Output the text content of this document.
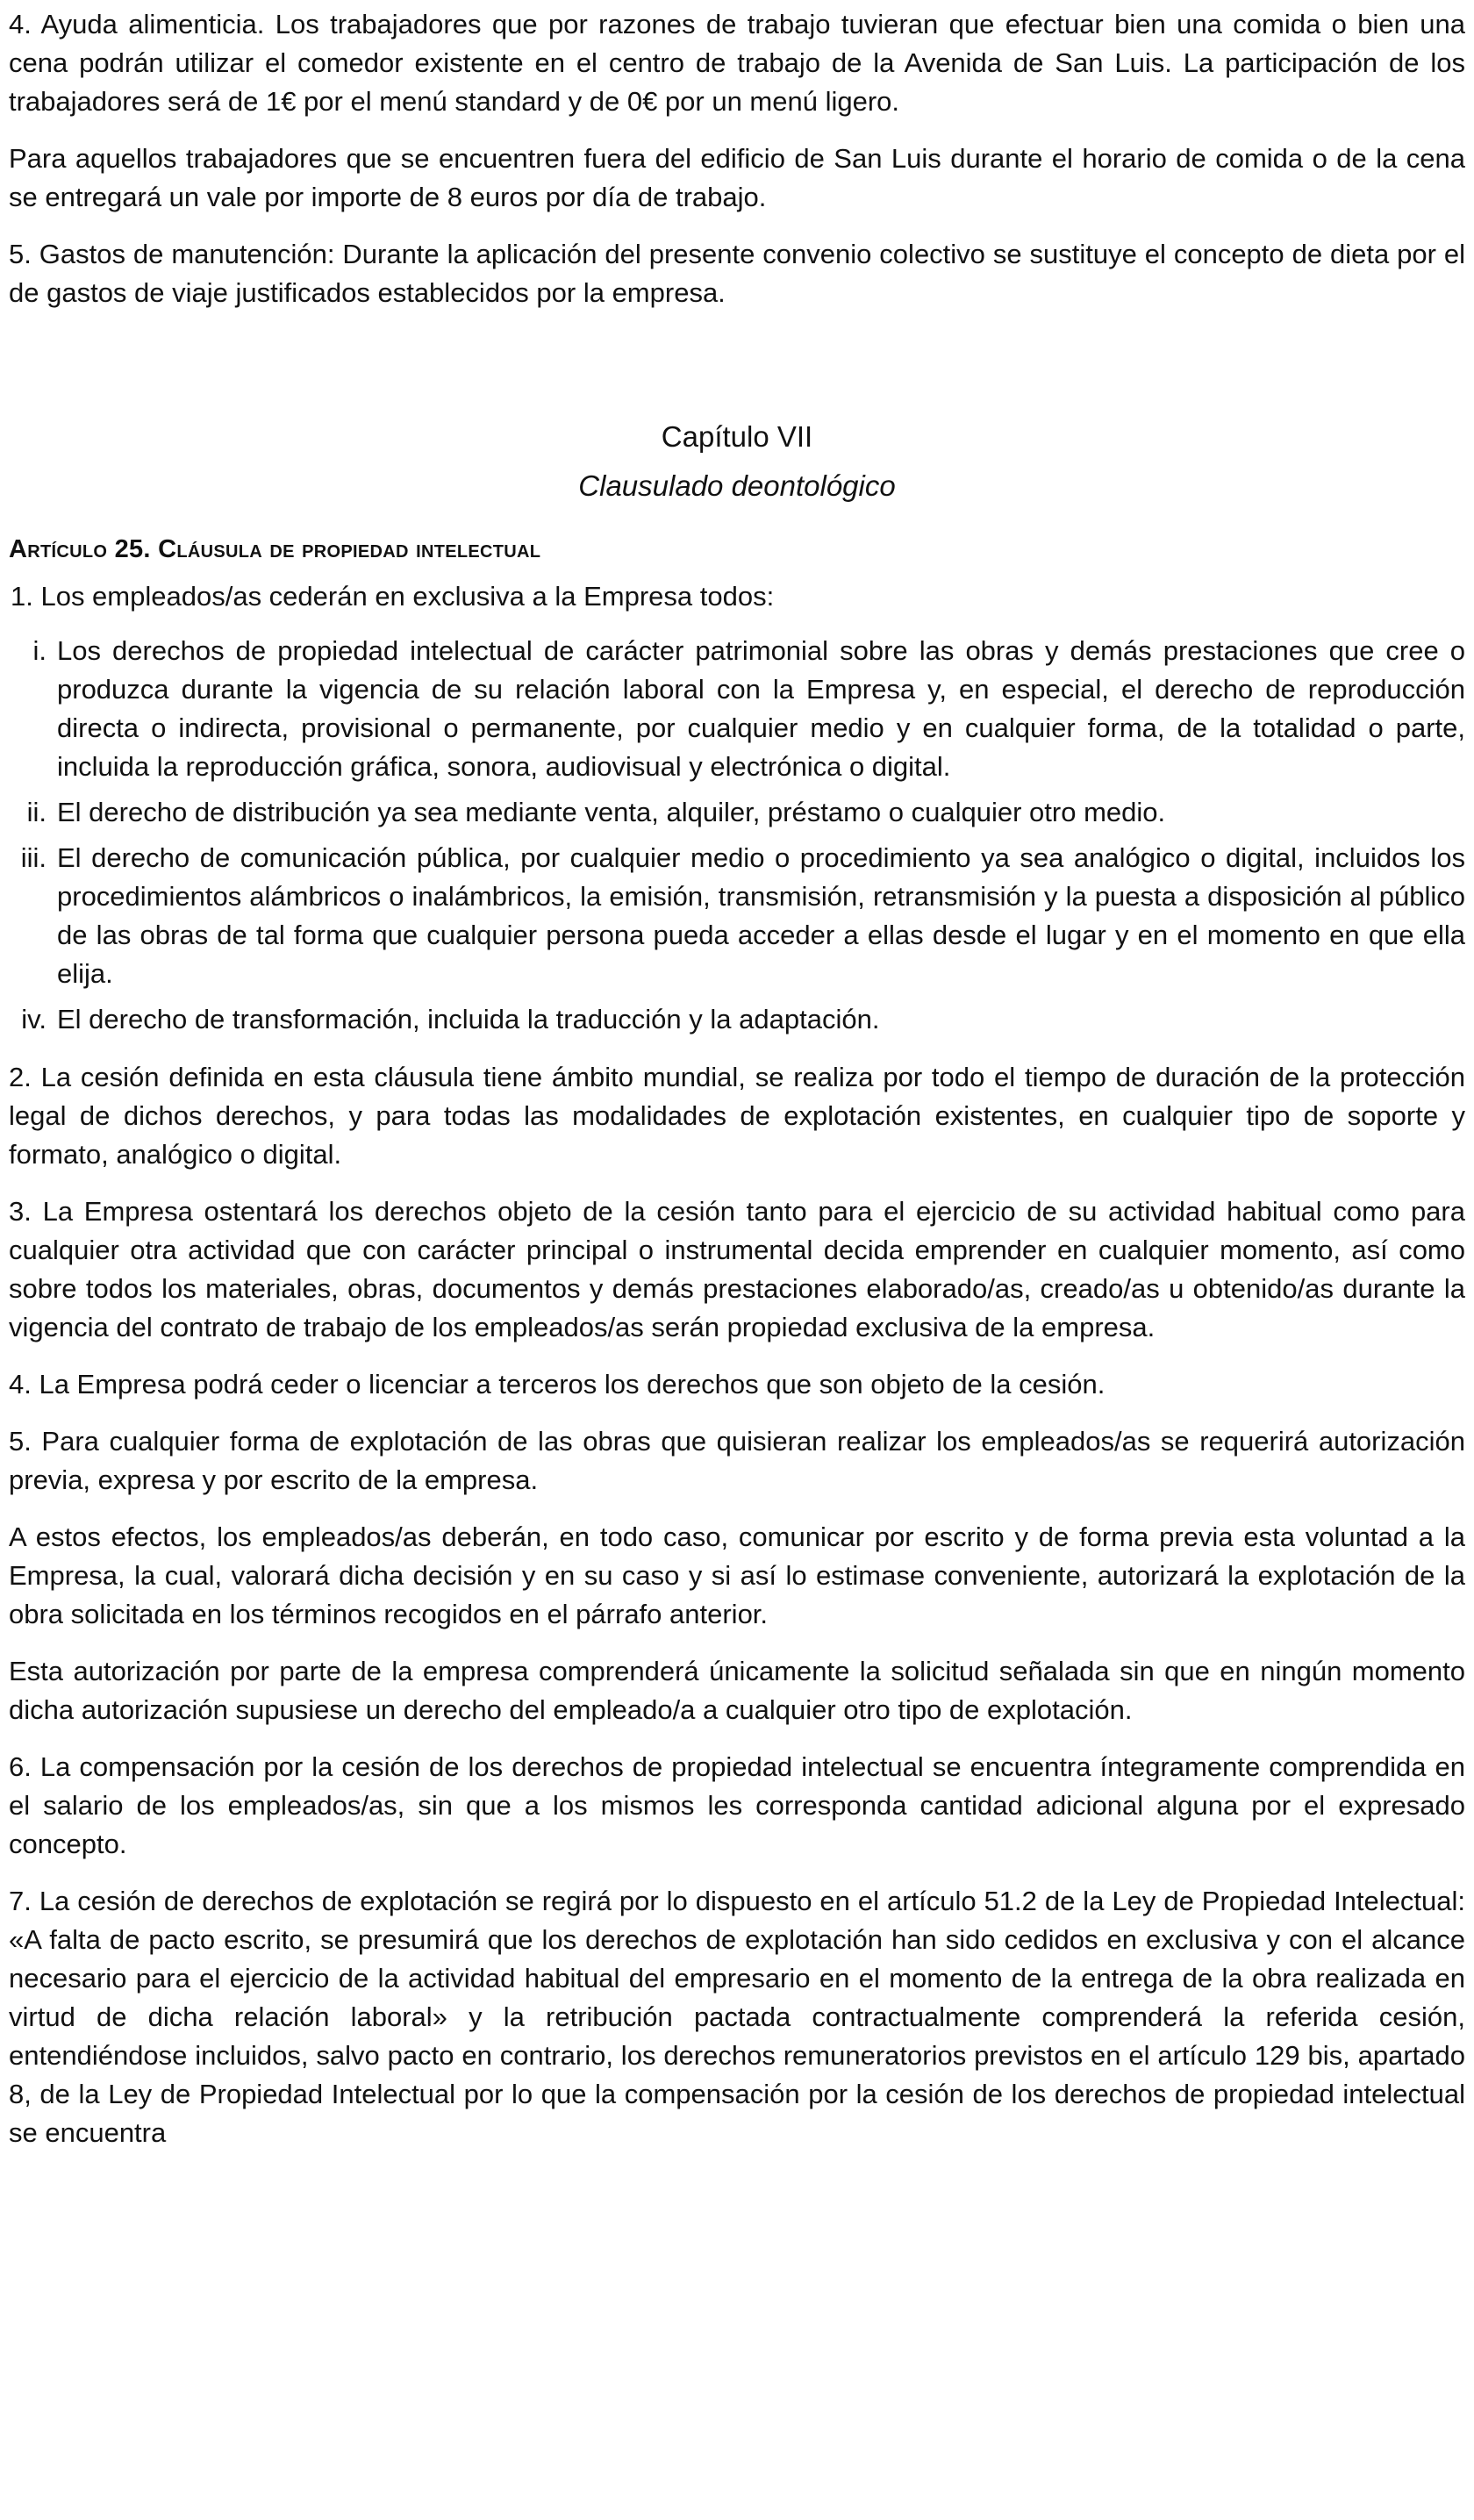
4. Ayuda alimenticia. Los trabajadores que por razones de trabajo tuvieran que efectuar bien una comida o bien una cena podrán utilizar el comedor existente en el centro de trabajo de la Avenida de San Luis. La participación de los trabajadores será de 1€ por el menú standard y de 0€ por un menú ligero.

Para aquellos trabajadores que se encuentren fuera del edificio de San Luis durante el horario de comida o de la cena se entregará un vale por importe de 8 euros por día de trabajo.

5. Gastos de manutención: Durante la aplicación del presente convenio colectivo se sustituye el concepto de dieta por el de gastos de viaje justificados establecidos por la empresa.

Capítulo VII

Clausulado deontológico

Artículo 25. Cláusula de propiedad intelectual

1. Los empleados/as cederán en exclusiva a la Empresa todos:

i. Los derechos de propiedad intelectual de carácter patrimonial sobre las obras y demás prestaciones que cree o produzca durante la vigencia de su relación laboral con la Empresa y, en especial, el derecho de reproducción directa o indirecta, provisional o permanente, por cualquier medio y en cualquier forma, de la totalidad o parte, incluida la reproducción gráfica, sonora, audiovisual y electrónica o digital.

ii. El derecho de distribución ya sea mediante venta, alquiler, préstamo o cualquier otro medio.

iii. El derecho de comunicación pública, por cualquier medio o procedimiento ya sea analógico o digital, incluidos los procedimientos alámbricos o inalámbricos, la emisión, transmisión, retransmisión y la puesta a disposición al público de las obras de tal forma que cualquier persona pueda acceder a ellas desde el lugar y en el momento en que ella elija.

iv. El derecho de transformación, incluida la traducción y la adaptación.

2. La cesión definida en esta cláusula tiene ámbito mundial, se realiza por todo el tiempo de duración de la protección legal de dichos derechos, y para todas las modalidades de explotación existentes, en cualquier tipo de soporte y formato, analógico o digital.

3. La Empresa ostentará los derechos objeto de la cesión tanto para el ejercicio de su actividad habitual como para cualquier otra actividad que con carácter principal o instrumental decida emprender en cualquier momento, así como sobre todos los materiales, obras, documentos y demás prestaciones elaborado/as, creado/as u obtenido/as durante la vigencia del contrato de trabajo de los empleados/as serán propiedad exclusiva de la empresa.

4. La Empresa podrá ceder o licenciar a terceros los derechos que son objeto de la cesión.

5. Para cualquier forma de explotación de las obras que quisieran realizar los empleados/as se requerirá autorización previa, expresa y por escrito de la empresa.

A estos efectos, los empleados/as deberán, en todo caso, comunicar por escrito y de forma previa esta voluntad a la Empresa, la cual, valorará dicha decisión y en su caso y si así lo estimase conveniente, autorizará la explotación de la obra solicitada en los términos recogidos en el párrafo anterior.

Esta autorización por parte de la empresa comprenderá únicamente la solicitud señalada sin que en ningún momento dicha autorización supusiese un derecho del empleado/a a cualquier otro tipo de explotación.

6. La compensación por la cesión de los derechos de propiedad intelectual se encuentra íntegramente comprendida en el salario de los empleados/as, sin que a los mismos les corresponda cantidad adicional alguna por el expresado concepto.

7. La cesión de derechos de explotación se regirá por lo dispuesto en el artículo 51.2 de la Ley de Propiedad Intelectual: «A falta de pacto escrito, se presumirá que los derechos de explotación han sido cedidos en exclusiva y con el alcance necesario para el ejercicio de la actividad habitual del empresario en el momento de la entrega de la obra realizada en virtud de dicha relación laboral» y la retribución pactada contractualmente comprenderá la referida cesión, entendiéndose incluidos, salvo pacto en contrario, los derechos remuneratorios previstos en el artículo 129 bis, apartado 8, de la Ley de Propiedad Intelectual por lo que la compensación por la cesión de los derechos de propiedad intelectual se encuentra
